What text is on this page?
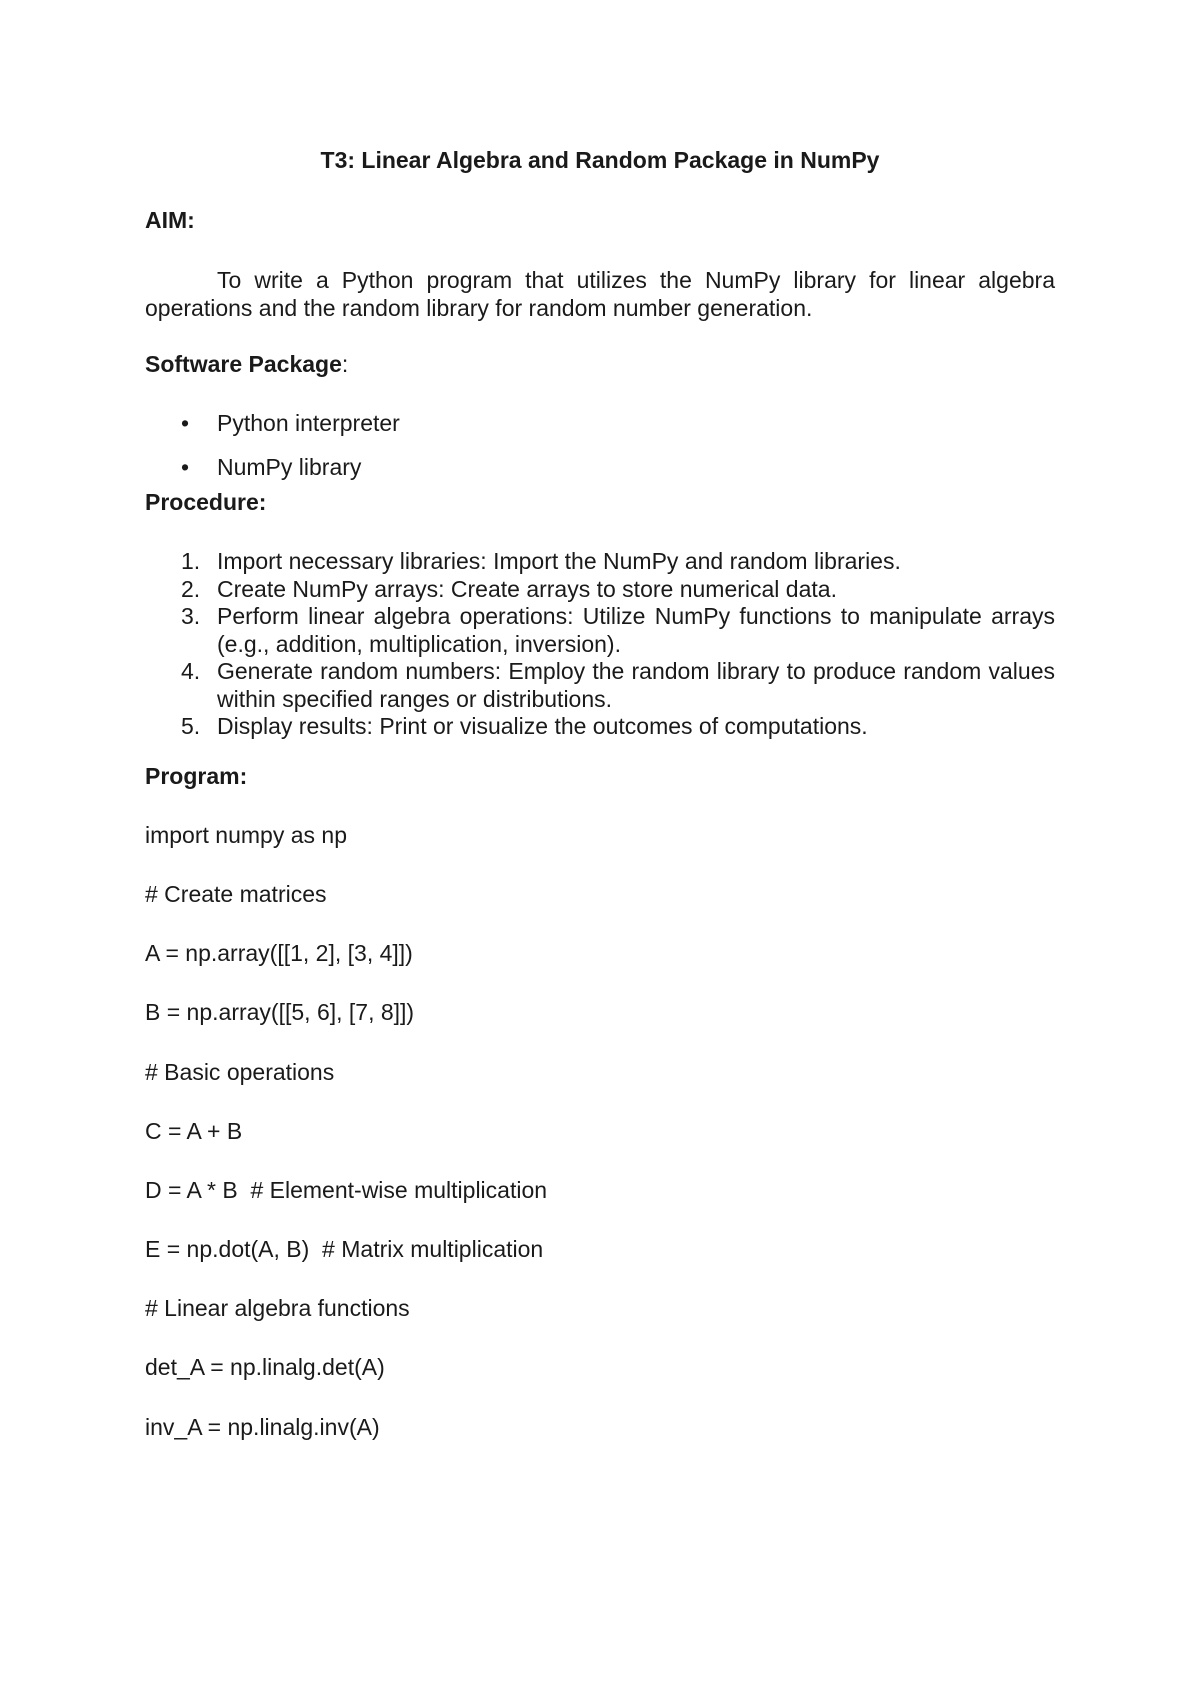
T3: Linear Algebra and Random Package in NumPy
AIM:

To write a Python program that utilizes the NumPy library for linear algebra operations and the random library for random number generation.

Software Package:
• Python interpreter
• NumPy library
Procedure:
1. Import necessary libraries: Import the NumPy and random libraries.
2. Create NumPy arrays: Create arrays to store numerical data.
3. Perform linear algebra operations: Utilize NumPy functions to manipulate arrays (e.g., addition, multiplication, inversion).
4. Generate random numbers: Employ the random library to produce random values within specified ranges or distributions.
5. Display results: Print or visualize the outcomes of computations.
Program:
import numpy as np
# Create matrices
A = np.array([[1, 2], [3, 4]])
B = np.array([[5, 6], [7, 8]])
# Basic operations
C = A + B
D = A * B  # Element-wise multiplication
E = np.dot(A, B)  # Matrix multiplication
# Linear algebra functions
det_A = np.linalg.det(A)
inv_A = np.linalg.inv(A)
